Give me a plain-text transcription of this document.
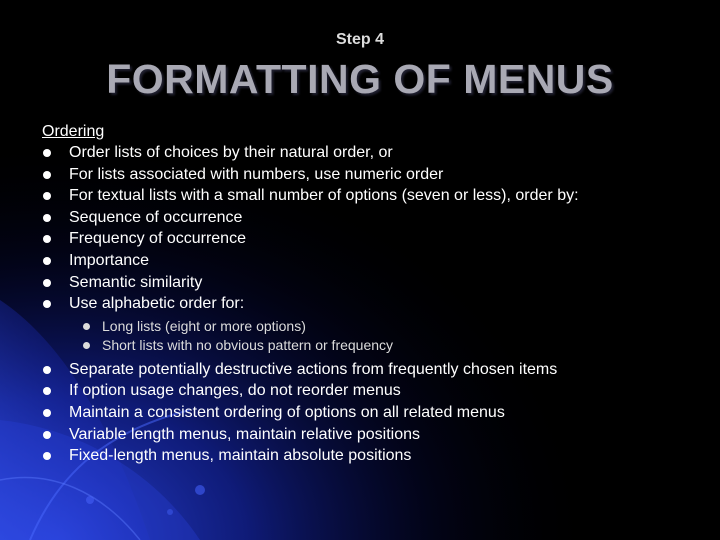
Step 4
FORMATTING OF MENUS

Ordering

Order lists of choices by their natural order, or
For lists associated with numbers, use numeric order
For textual lists with a small number of options (seven or less), order by:
Sequence of occurrence
Frequency of occurrence
Importance
Semantic similarity
Use alphabetic order for:
Long lists (eight or more options)
Short lists with no obvious pattern or frequency
Separate potentially destructive actions from frequently chosen items
If option usage changes, do not reorder menus
Maintain a consistent ordering of options on all related menus
Variable length menus, maintain relative positions
Fixed-length menus, maintain absolute positions
